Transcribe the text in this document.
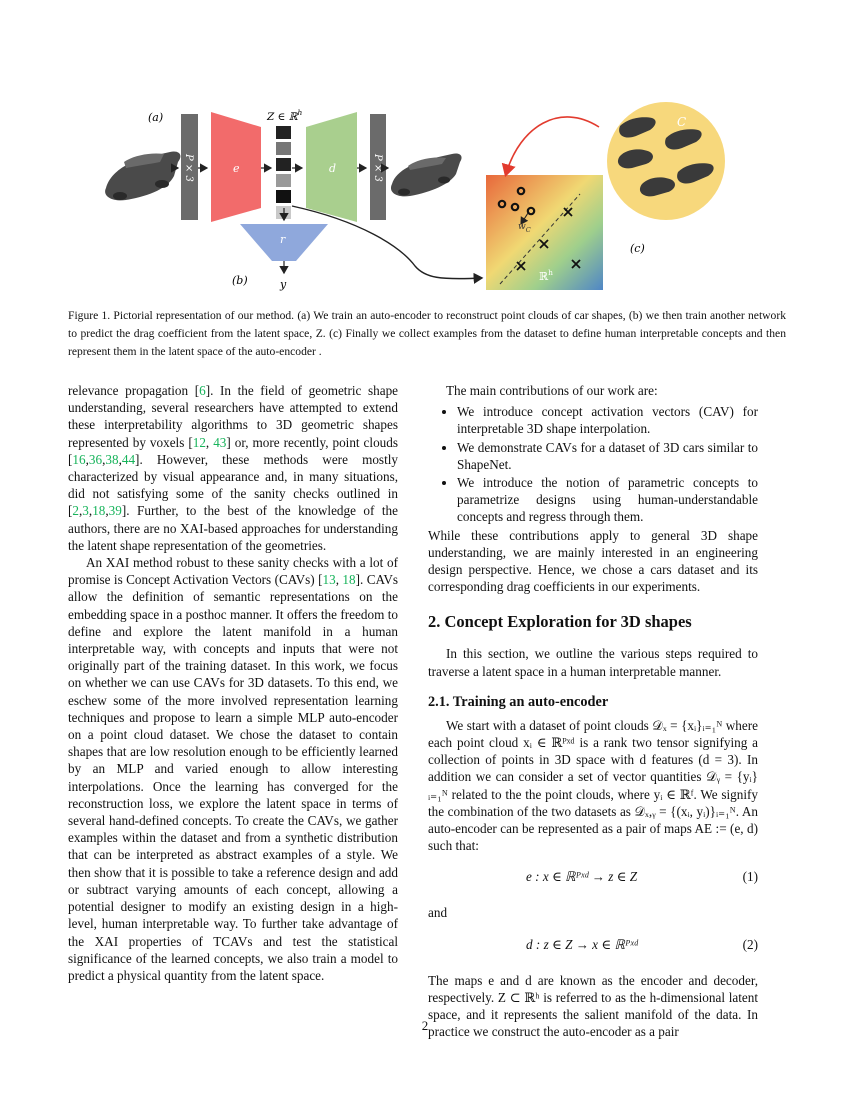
(a)
P × 3	e
Z ∈ ℝ$^h$
d	P × 3
r
y
(b)
$w_C$
ℝ$^h$
C
(c)

Figure 1. Pictorial representation of our method. (a) We train an auto-encoder to reconstruct point clouds of car shapes, (b) we then train another network to predict the drag coefficient from the latent space, Z. (c) Finally we collect examples from the dataset to define human interpretable concepts and then represent them in the latent space of the auto-encoder .

relevance propagation [6]. In the field of geometric shape understanding, several researchers have attempted to extend these interpretability algorithms to 3D geometric shapes represented by voxels [12, 43] or, more recently, point clouds [16,36,38,44]. However, these methods were mostly characterized by visual appearance and, in many situations, did not satisfying some of the sanity checks outlined in [2,3,18,39]. Further, to the best of the knowledge of the authors, there are no XAI-based approaches for understanding the latent shape representation of the geometries.

An XAI method robust to these sanity checks with a lot of promise is Concept Activation Vectors (CAVs) [13, 18]. CAVs allow the definition of semantic representations on the embedding space in a posthoc manner. It offers the freedom to define and explore the latent manifold in a human interpretable way, with concepts and inputs that were not originally part of the training dataset. In this work, we focus on whether we can use CAVs for 3D datasets. To this end, we eschew some of the more involved representation learning techniques and propose to learn a simple MLP auto-encoder on a point cloud dataset. We chose the dataset to contain shapes that are low resolution enough to be efficiently learned by an MLP and varied enough to allow interesting interpolations. Once the learning has converged for the reconstruction loss, we explore the latent space in terms of several hand-defined concepts. To create the CAVs, we gather examples within the dataset and from a synthetic distribution that can be interpreted as abstract examples of a style. We then show that it is possible to take a reference design and add or subtract varying amounts of each concept, allowing a potential designer to modify an existing design in a high-level, human interpretable way. To further take advantage of the XAI properties of TCAVs and test the statistical significance of the learned concepts, we also train a model to predict a physical quantity from the latent space.

The main contributions of our work are:

• We introduce concept activation vectors (CAV) for interpretable 3D shape interpolation.
• We demonstrate CAVs for a dataset of 3D cars similar to ShapeNet.
• We introduce the notion of parametric concepts to parametrize designs using human-understandable concepts and regress through them.

While these contributions apply to general 3D shape understanding, we are mainly interested in an engineering design perspective. Hence, we chose a cars dataset and its corresponding drag coefficients in our experiments.

2. Concept Exploration for 3D shapes

In this section, we outline the various steps required to traverse a latent space in a human interpretable manner.

2.1. Training an auto-encoder

We start with a dataset of point clouds 𝒟ₓ = {xᵢ}ᵢ₌₁ᴺ where each point cloud xᵢ ∈ ℝᴾˣᵈ is a rank two tensor signifying a collection of points in 3D space with d features (d = 3). In addition we can consider a set of vector quantities 𝒟ᵧ = {yᵢ}ᵢ₌₁ᴺ related to the the point clouds, where yᵢ ∈ ℝᶠ. We signify the combination of the two datasets as 𝒟ₓ,ᵧ = {(xᵢ, yᵢ)}ᵢ₌₁ᴺ. An auto-encoder can be represented as a pair of maps AE := (e, d) such that:

e : x ∈ ℝᴾˣᵈ → z ∈ Z	(1)

and

d : z ∈ Z → x ∈ ℝᴾˣᵈ	(2)

The maps e and d are known as the encoder and decoder, respectively. Z ⊂ ℝʰ is referred to as the h-dimensional latent space, and it represents the salient manifold of the data. In practice we construct the auto-encoder as a pair

2
